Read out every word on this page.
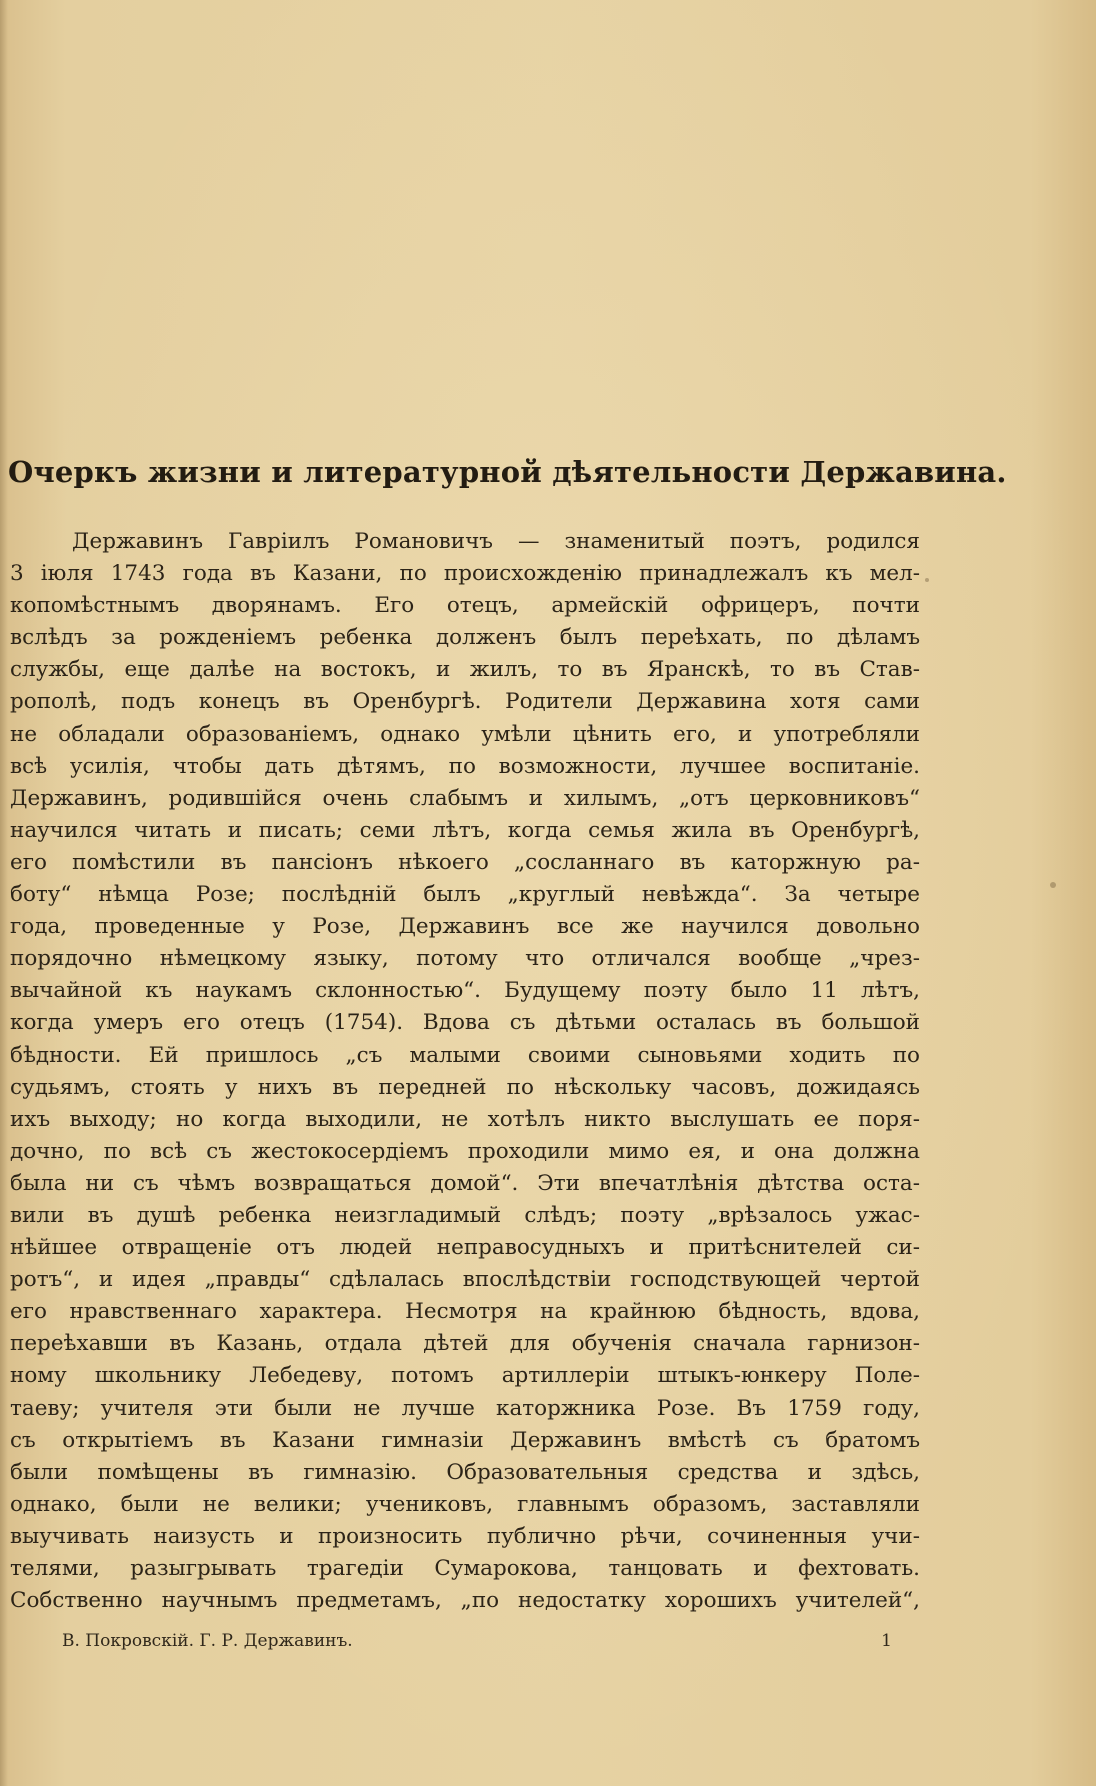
Очеркъ жизни и литературной дѣятельности Державина.
Державинъ Гавріилъ Романовичъ — знаменитый поэтъ, родился
3 іюля 1743 года въ Казани, по происхожденію принадлежалъ къ мел-
копомѣстнымъ дворянамъ. Его отецъ, армейскій офрицеръ, почти
вслѣдъ за рожденіемъ ребенка долженъ былъ переѣхать, по дѣламъ
службы, еще далѣе на востокъ, и жилъ, то въ Яранскѣ, то въ Став-
рополѣ, подъ конецъ въ Оренбургѣ. Родители Державина хотя сами
не обладали образованіемъ, однако умѣли цѣнить его, и употребляли
всѣ усилія, чтобы дать дѣтямъ, по возможности, лучшее воспитаніе.
Державинъ, родившійся очень слабымъ и хилымъ, „отъ церковниковъ“
научился читать и писать; семи лѣтъ, когда семья жила въ Оренбургѣ,
его помѣстили въ пансіонъ нѣкоего „сосланнаго въ каторжную ра-
боту“ нѣмца Розе; послѣдній былъ „круглый невѣжда“. За четыре
года, проведенные у Розе, Державинъ все же научился довольно
порядочно нѣмецкому языку, потому что отличался вообще „чрез-
вычайной къ наукамъ склонностью“. Будущему поэту было 11 лѣтъ,
когда умеръ его отецъ (1754). Вдова съ дѣтьми осталась въ большой
бѣдности. Ей пришлось „съ малыми своими сыновьями ходить по
судьямъ, стоять у нихъ въ передней по нѣскольку часовъ, дожидаясь
ихъ выходу; но когда выходили, не хотѣлъ никто выслушать ее поря-
дочно, по всѣ съ жестокосердіемъ проходили мимо ея, и она должна
была ни съ чѣмъ возвращаться домой“. Эти впечатлѣнія дѣтства оста-
вили въ душѣ ребенка неизгладимый слѣдъ; поэту „врѣзалось ужас-
нѣйшее отвращеніе отъ людей неправосудныхъ и притѣснителей си-
ротъ“, и идея „правды“ сдѣлалась впослѣдствіи господствующей чертой
его нравственнаго характера. Несмотря на крайнюю бѣдность, вдова,
переѣхавши въ Казань, отдала дѣтей для обученія сначала гарнизон-
ному школьнику Лебедеву, потомъ артиллеріи штыкъ-юнкеру Поле-
таеву; учителя эти были не лучше каторжника Розе. Въ 1759 году,
съ открытіемъ въ Казани гимназіи Державинъ вмѣстѣ съ братомъ
были помѣщены въ гимназію. Образовательныя средства и здѣсь,
однако, были не велики; учениковъ, главнымъ образомъ, заставляли
выучивать наизусть и произносить публично рѣчи, сочиненныя учи-
телями, разыгрывать трагедіи Сумарокова, танцовать и фехтовать.
Собственно научнымъ предметамъ, „по недостатку хорошихъ учителей“,
В. Покровскій. Г. Р. Державинъ.	1
